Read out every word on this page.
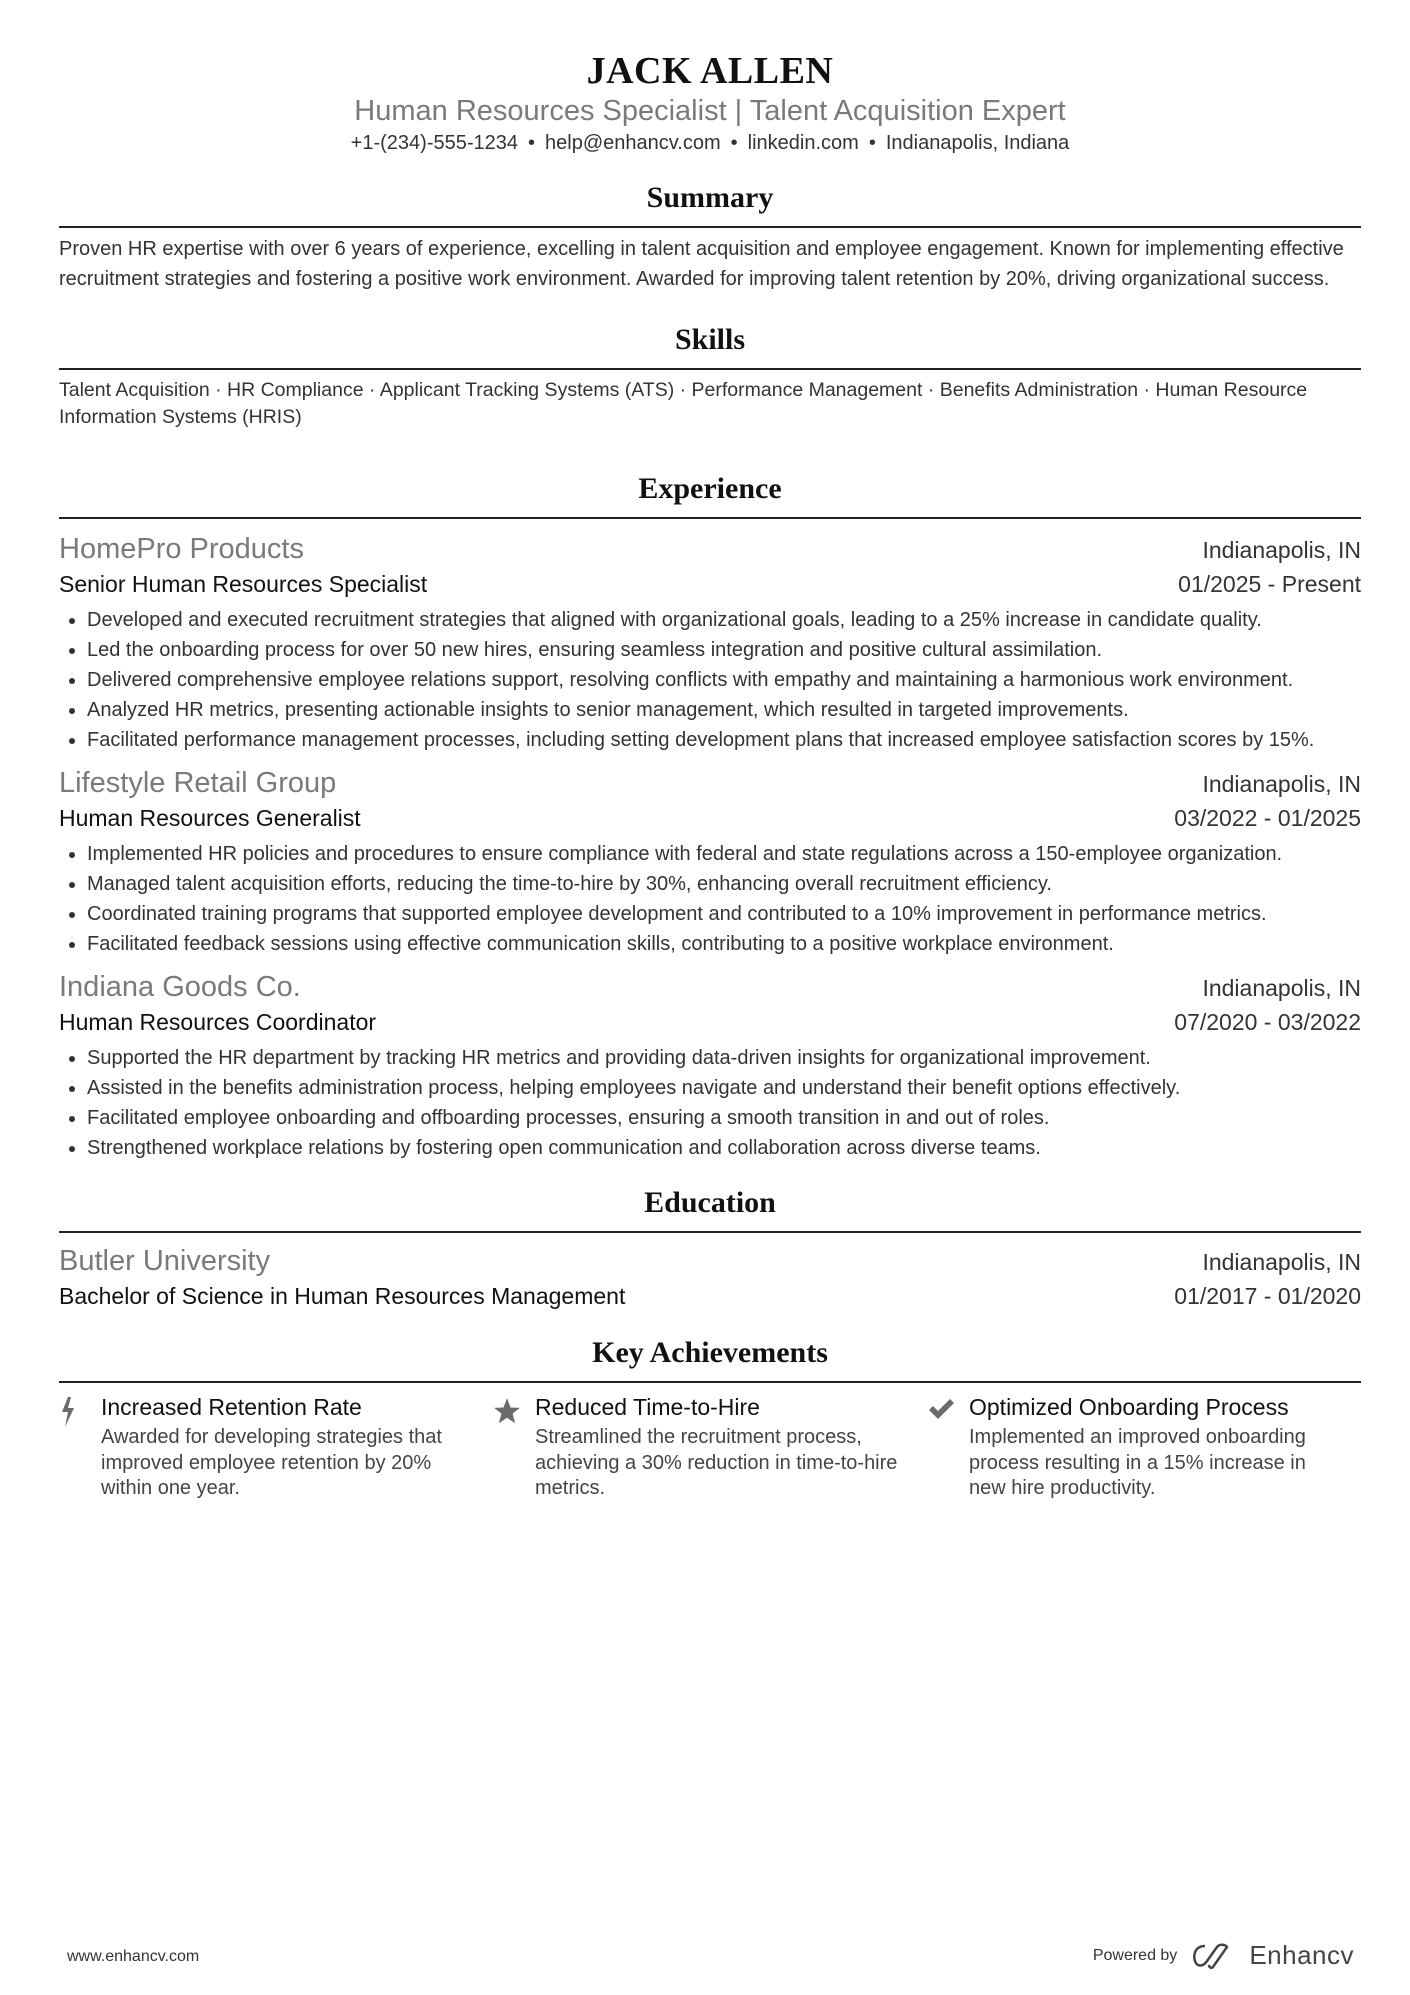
JACK ALLEN
Human Resources Specialist | Talent Acquisition Expert
+1-(234)-555-1234 • help@enhancv.com • linkedin.com • Indianapolis, Indiana
Summary
Proven HR expertise with over 6 years of experience, excelling in talent acquisition and employee engagement. Known for implementing effective recruitment strategies and fostering a positive work environment. Awarded for improving talent retention by 20%, driving organizational success.
Skills
Talent Acquisition · HR Compliance · Applicant Tracking Systems (ATS) · Performance Management · Benefits Administration · Human Resource Information Systems (HRIS)
Experience
HomePro Products	Indianapolis, IN
Senior Human Resources Specialist	01/2025 - Present
• Developed and executed recruitment strategies that aligned with organizational goals, leading to a 25% increase in candidate quality.
• Led the onboarding process for over 50 new hires, ensuring seamless integration and positive cultural assimilation.
• Delivered comprehensive employee relations support, resolving conflicts with empathy and maintaining a harmonious work environment.
• Analyzed HR metrics, presenting actionable insights to senior management, which resulted in targeted improvements.
• Facilitated performance management processes, including setting development plans that increased employee satisfaction scores by 15%.
Lifestyle Retail Group	Indianapolis, IN
Human Resources Generalist	03/2022 - 01/2025
• Implemented HR policies and procedures to ensure compliance with federal and state regulations across a 150-employee organization.
• Managed talent acquisition efforts, reducing the time-to-hire by 30%, enhancing overall recruitment efficiency.
• Coordinated training programs that supported employee development and contributed to a 10% improvement in performance metrics.
• Facilitated feedback sessions using effective communication skills, contributing to a positive workplace environment.
Indiana Goods Co.	Indianapolis, IN
Human Resources Coordinator	07/2020 - 03/2022
• Supported the HR department by tracking HR metrics and providing data-driven insights for organizational improvement.
• Assisted in the benefits administration process, helping employees navigate and understand their benefit options effectively.
• Facilitated employee onboarding and offboarding processes, ensuring a smooth transition in and out of roles.
• Strengthened workplace relations by fostering open communication and collaboration across diverse teams.
Education
Butler University	Indianapolis, IN
Bachelor of Science in Human Resources Management	01/2017 - 01/2020
Key Achievements
Increased Retention Rate
Awarded for developing strategies that improved employee retention by 20% within one year.
Reduced Time-to-Hire
Streamlined the recruitment process, achieving a 30% reduction in time-to-hire metrics.
Optimized Onboarding Process
Implemented an improved onboarding process resulting in a 15% increase in new hire productivity.
www.enhancv.com	Powered by	Enhancv
